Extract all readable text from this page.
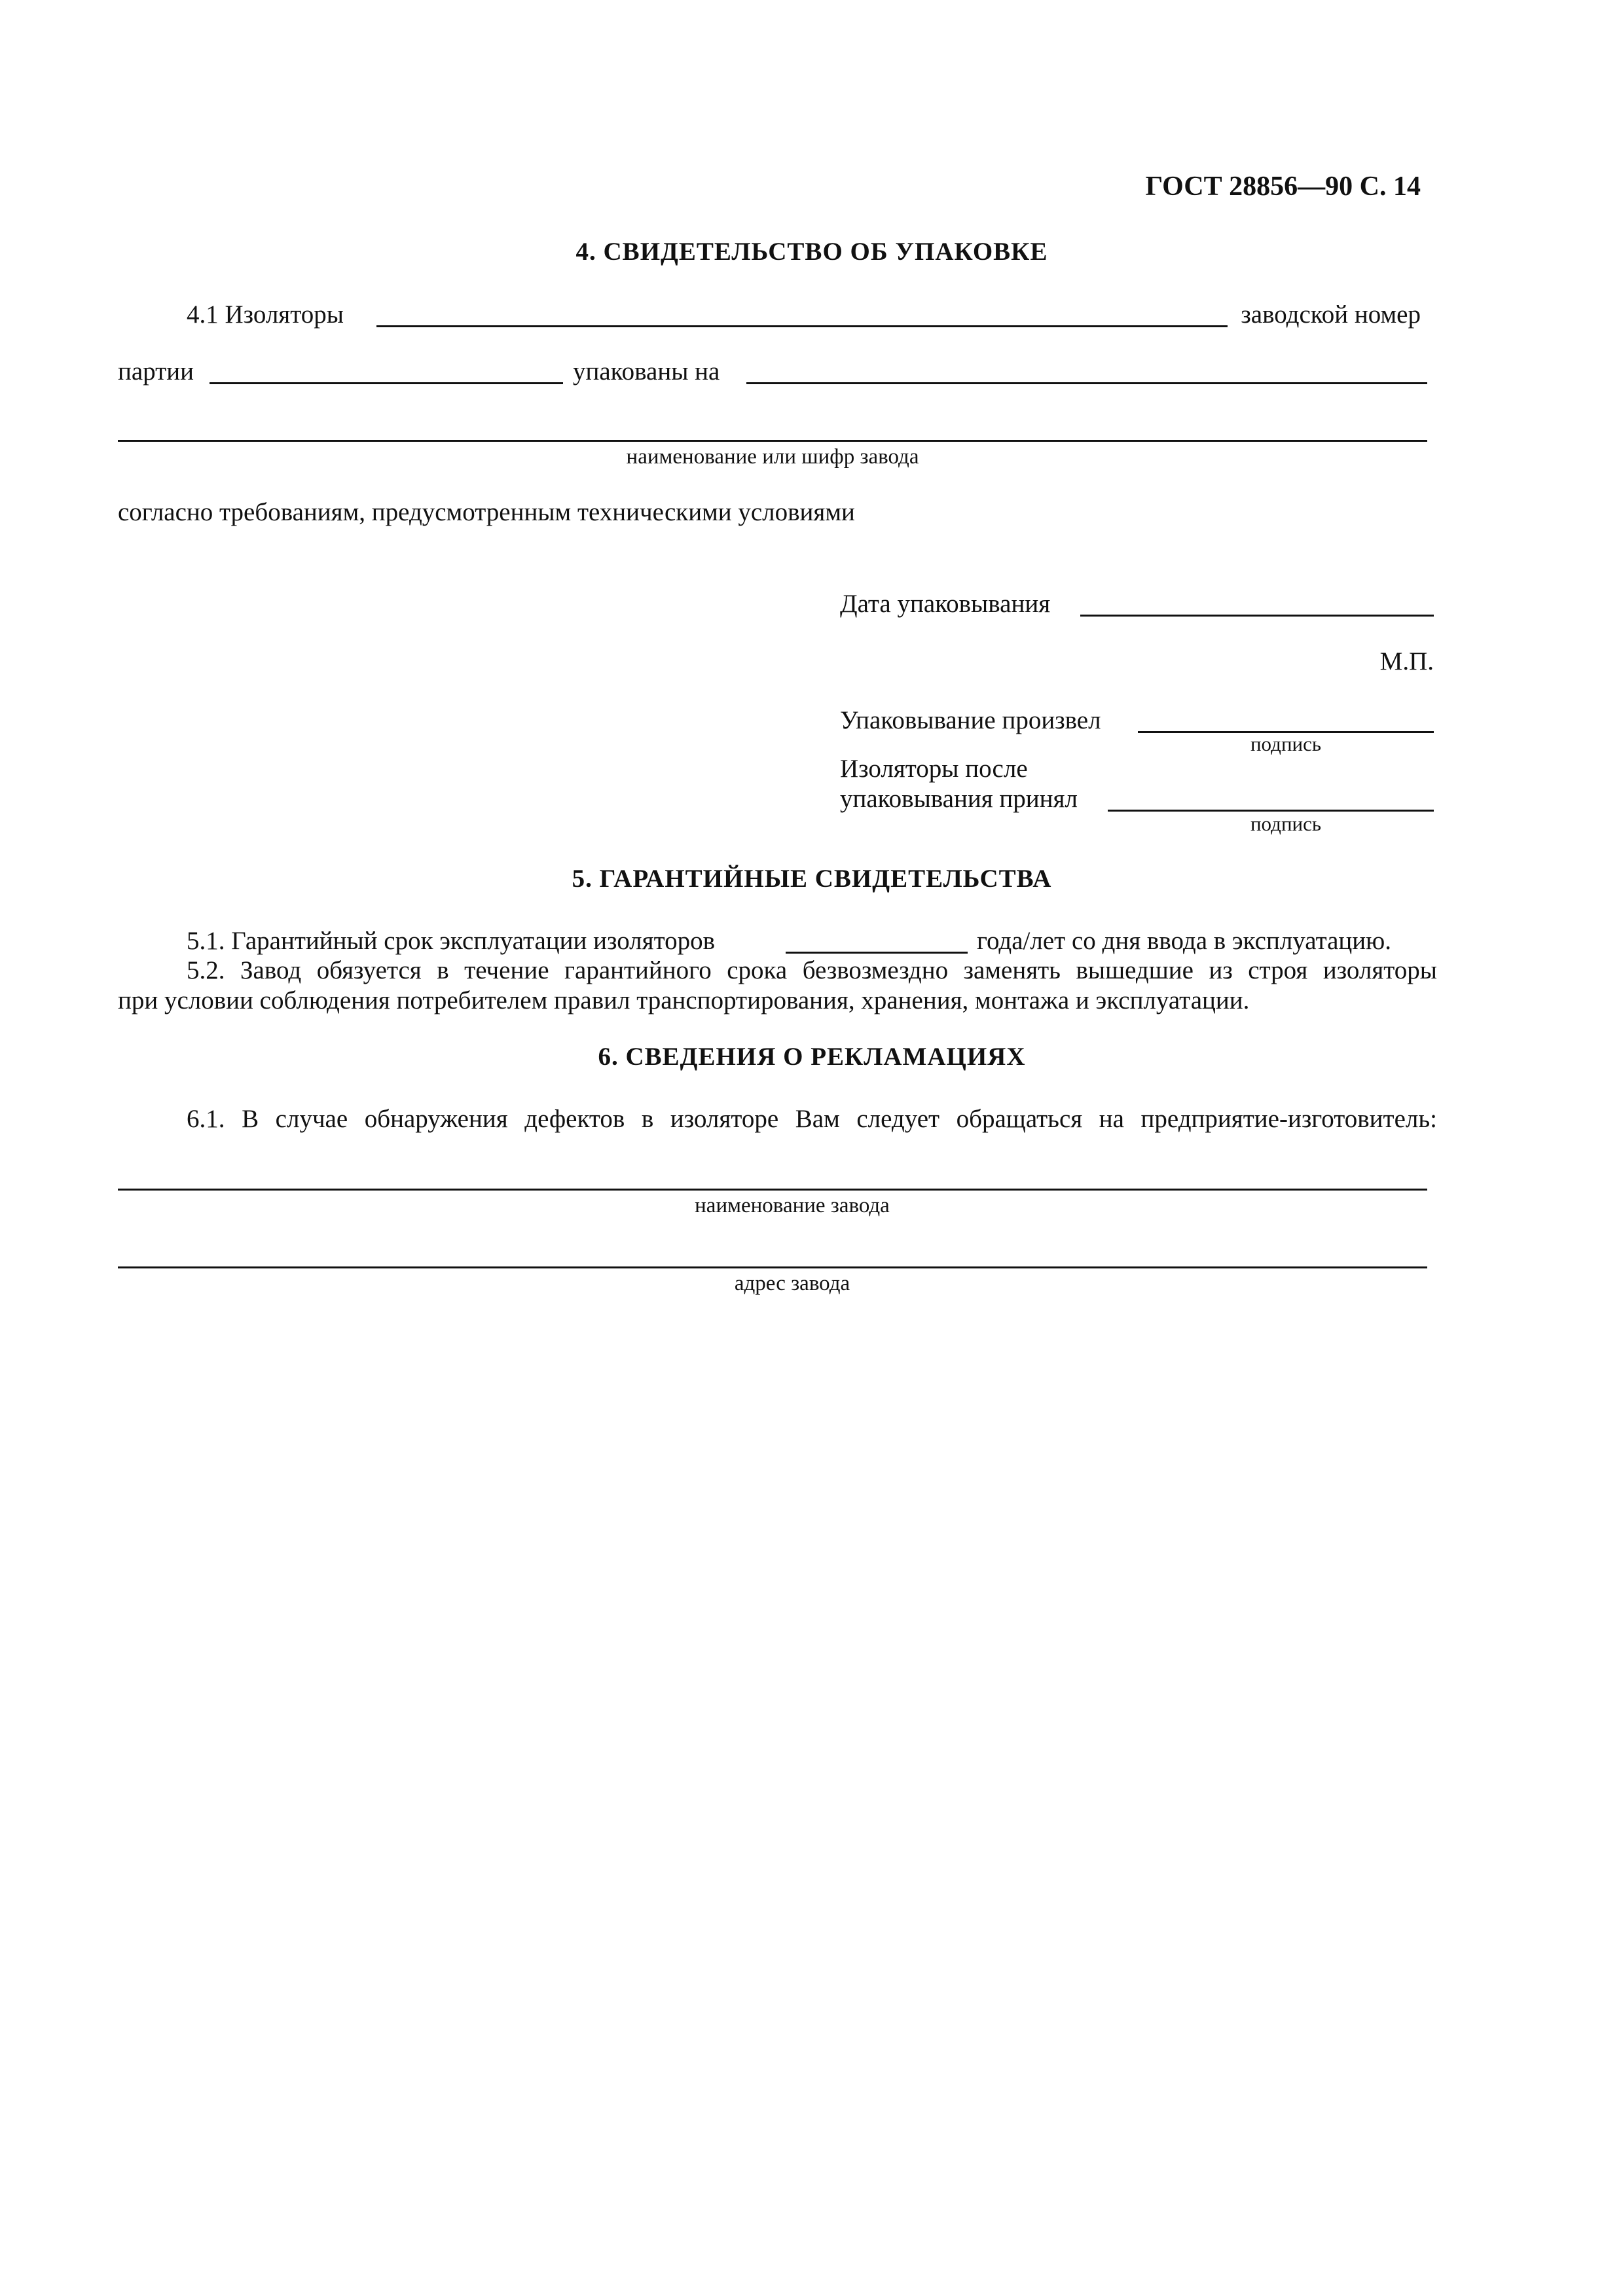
ГОСТ 28856—90 С. 14
4. СВИДЕТЕЛЬСТВО ОБ УПАКОВКЕ
4.1 Изоляторы	заводской номер
партии	упакованы на
наименование или шифр завода
согласно требованиям, предусмотренным техническими условиями
Дата упаковывания
М.П.
Упаковывание произвел
подпись
Изоляторы после
упаковывания принял
подпись
5. ГАРАНТИЙНЫЕ СВИДЕТЕЛЬСТВА
5.1. Гарантийный срок эксплуатации изоляторов	года/лет со дня ввода в эксплуатацию.
5.2. Завод обязуется в течение гарантийного срока безвозмездно заменять вышедшие из строя изоляторы
при условии соблюдения потребителем правил транспортирования, хранения, монтажа и эксплуатации.
6. СВЕДЕНИЯ О РЕКЛАМАЦИЯХ
6.1. В случае обнаружения дефектов в изоляторе Вам следует обращаться на предприятие-изготовитель:
наименование завода
адрес завода
